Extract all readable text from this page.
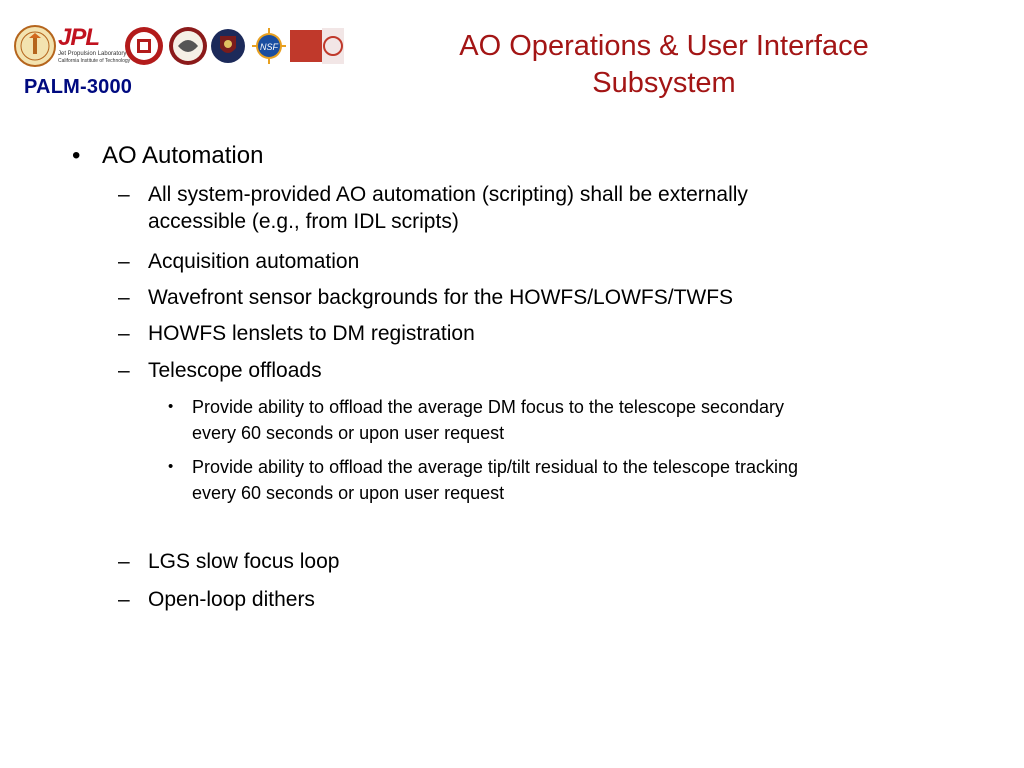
JPL
Jet Propulsion Laboratory
California Institute of Technology
NSF
PALM-3000
AO Operations & User Interface
Subsystem
• AO Automation
– All system-provided AO automation (scripting) shall be externally
accessible (e.g., from IDL scripts)
– Acquisition automation
– Wavefront sensor backgrounds for the HOWFS/LOWFS/TWFS
– HOWFS lenslets to DM registration
– Telescope offloads
• Provide ability to offload the average DM focus to the telescope secondary
every 60 seconds or upon user request
• Provide ability to offload the average tip/tilt residual to the telescope tracking
every 60 seconds or upon user request
– LGS slow focus loop
– Open-loop dithers
